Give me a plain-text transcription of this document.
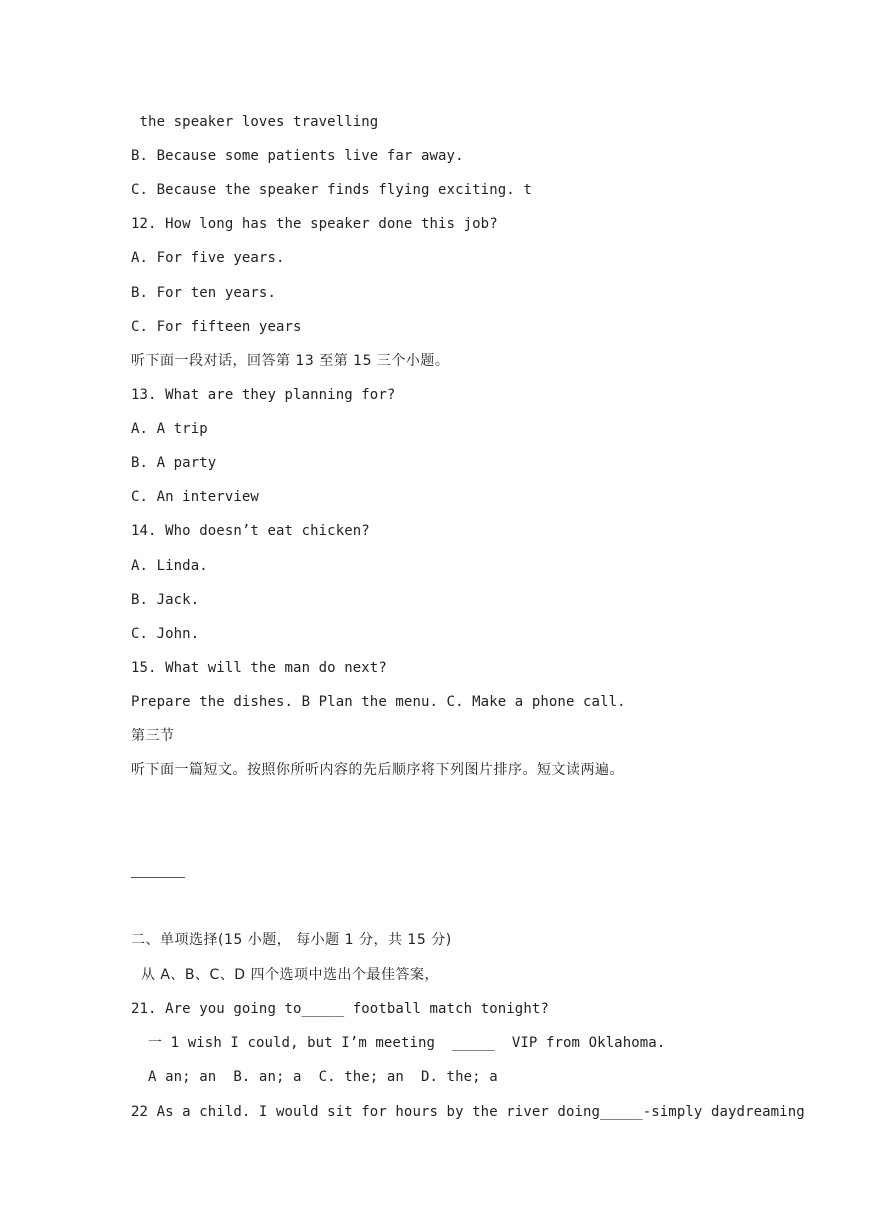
the speaker loves travelling
B. Because some patients live far away.
C. Because the speaker finds flying exciting. t
12. How long has the speaker done this job?
A. For five years.
B. For ten years.
C. For fifteen years
听下面一段对话，回答第 13 至第 15 三个小题。
13. What are they planning for?
A. A trip
B. A party
C. An interview
14. Who doesn’t eat chicken?
A. Linda.
B. Jack.
C. John.
15. What will the man do next?
Prepare the dishes. B Plan the menu. C. Make a phone call.
第三节
听下面一篇短文。按照你所听内容的先后顺序将下列图片排序。短文读两遍。
二、单项选择(15 小题， 每小题 1 分，共 15 分)
从 A、B、C、D 四个选项中选出个最佳答案，
21. Are you going to_____ football match tonight?
一 1 wish I could, but I’m meeting  _____  VIP from Oklahoma.
A an; an  B. an; a  C. the; an  D. the; a
22 As a child. I would sit for hours by the river doing_____-simply daydreaming
